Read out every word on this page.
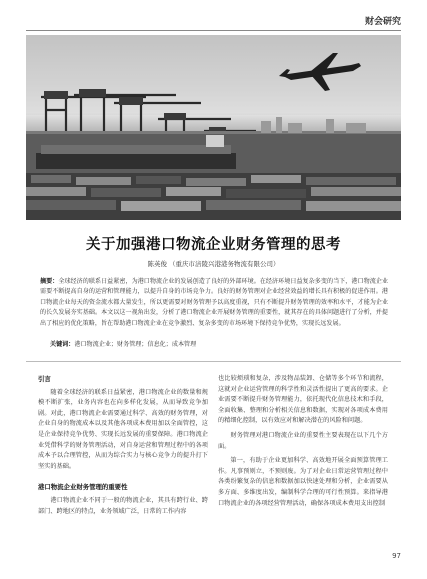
财会研究
关于加强港口物流企业财务管理的思考
陈英俊 （重庆市涪陵兴港港务物流有限公司）
摘要：全球经济的联系日益紧密，为港口物流企业的发展创造了良好的外部环境。在经济环境日益复杂多变的当下，港口物流企业需要不断提高自身的运营和管理能力，以提升自身的市场竞争力。良好的财务管理对企业经营效益的增长具有积极的促进作用。港口物流企业每天的资金流水都大量发生，所以更需要对财务管理予以高度重视，只有不断提升财务管理的效率和水平，才能为企业的长久发展夯实基础。本文以这一视角出发，分析了港口物流企业开展财务管理的重要性，就其存在的具体问题进行了分析，并提出了相应的优化策略，旨在帮助港口物流企业在竞争激烈、复杂多变的市场环境下保持竞争优势，实现长远发展。
关键词：港口物流企业；财务管理；信息化；成本管理
引言

随着全球经济的联系日益紧密，港口物流企业的数量和规模不断扩张，业务内容也在向多样化发展，从而导致竞争加剧。对此，港口物流企业需要通过科学、高效的财务管理，对企业自身的物流成本以及其他各项成本费用加以全面管控，这是企业保持竞争优势、实现长远发展的重要保障。港口物流企业凭借科学的财务管理活动，对自身运营和管理过程中的各项成本予以合理管控，从而为综合实力与核心竞争力的提升打下坚实的基础。

港口物流企业财务管理的重要性

港口物流企业不同于一般的物流企业，其具有跨行业、跨部门、跨地区的特点，业务领域广泛，日常的工作内容

也比较烦琐和复杂，涉及物品装卸、仓储等多个环节和流程，这就对企业运营管理的科学性和灵活性提出了更高的要求。企业需要不断提升财务管理能力，依托现代化信息技术和手段，全面收集、整理和分析相关信息和数据，实现对各项成本费用的精细化控制，以有效应对和解决潜在的风险和问题。

财务管理对港口物流企业的重要性主要表现在以下几个方面。

第一，有助于企业更加科学、高效地开展全面预算管理工作。凡事预则立，不预则废。为了对企业日常运营管理过程中各类纷繁复杂的信息和数据加以快速处理和分析，企业需要从多方面、多维度出发，编制科学合理的可行性预算。来指导港口物流企业的各项经营管理活动，确保各项成本费用支出控制

97
